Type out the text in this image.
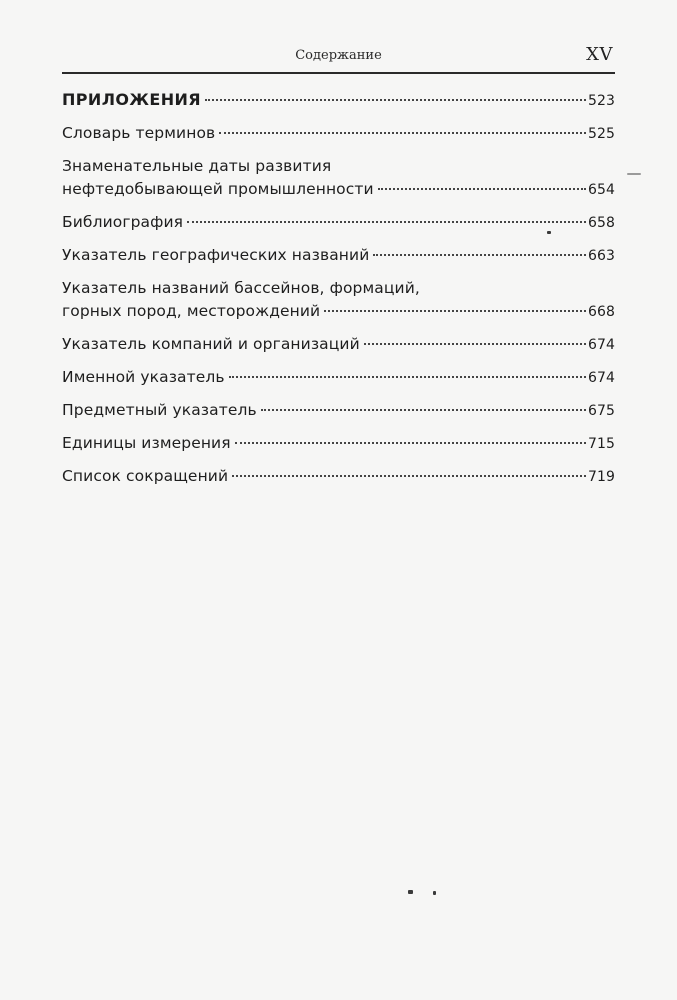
Содержание	XV
ПРИЛОЖЕНИЯ	523
Словарь терминов	525
Знаменательные даты развития
нефтедобывающей промышленности	654
Библиография	658
Указатель географических названий	663
Указатель названий бассейнов, формаций,
горных пород, месторождений	668
Указатель компаний и организаций	674
Именной указатель	674
Предметный указатель	675
Единицы измерения	715
Список сокращений	719
